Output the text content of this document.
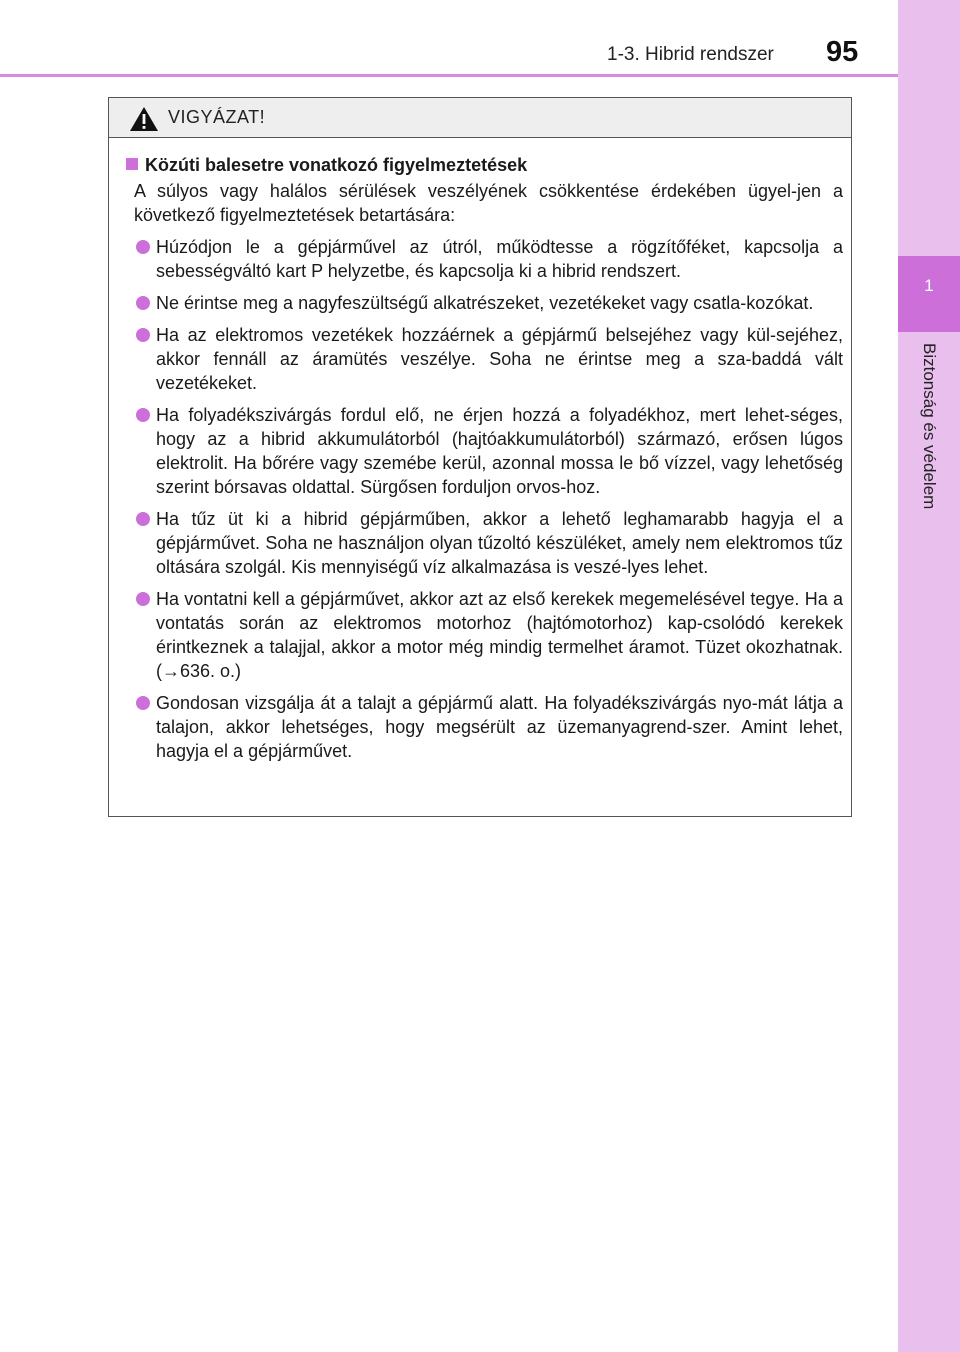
1-3. Hibrid rendszer 95
1
Biztonság és védelem
VIGYÁZAT!
Közúti balesetre vonatkozó figyelmeztetések
A súlyos vagy halálos sérülések veszélyének csökkentése érdekében ügyel-jen a következő figyelmeztetések betartására:
Húzódjon le a gépjárművel az útról, működtesse a rögzítőféket, kapcsolja a sebességváltó kart P helyzetbe, és kapcsolja ki a hibrid rendszert.
Ne érintse meg a nagyfeszültségű alkatrészeket, vezetékeket vagy csatla-kozókat.
Ha az elektromos vezetékek hozzáérnek a gépjármű belsejéhez vagy kül-sejéhez, akkor fennáll az áramütés veszélye. Soha ne érintse meg a sza-baddá vált vezetékeket.
Ha folyadékszivárgás fordul elő, ne érjen hozzá a folyadékhoz, mert lehet-séges, hogy az a hibrid akkumulátorból (hajtóakkumulátorból) származó, erősen lúgos elektrolit. Ha bőrére vagy szemébe kerül, azonnal mossa le bő vízzel, vagy lehetőség szerint bórsavas oldattal. Sürgősen forduljon orvos-hoz.
Ha tűz üt ki a hibrid gépjárműben, akkor a lehető leghamarabb hagyja el a gépjárművet. Soha ne használjon olyan tűzoltó készüléket, amely nem elektromos tűz oltására szolgál. Kis mennyiségű víz alkalmazása is veszé-lyes lehet.
Ha vontatni kell a gépjárművet, akkor azt az első kerekek megemelésével tegye. Ha a vontatás során az elektromos motorhoz (hajtómotorhoz) kap-csolódó kerekek érintkeznek a talajjal, akkor a motor még mindig termelhet áramot. Tüzet okozhatnak. (→636. o.)
Gondosan vizsgálja át a talajt a gépjármű alatt. Ha folyadékszivárgás nyo-mát látja a talajon, akkor lehetséges, hogy megsérült az üzemanyagrend-szer. Amint lehet, hagyja el a gépjárművet.
